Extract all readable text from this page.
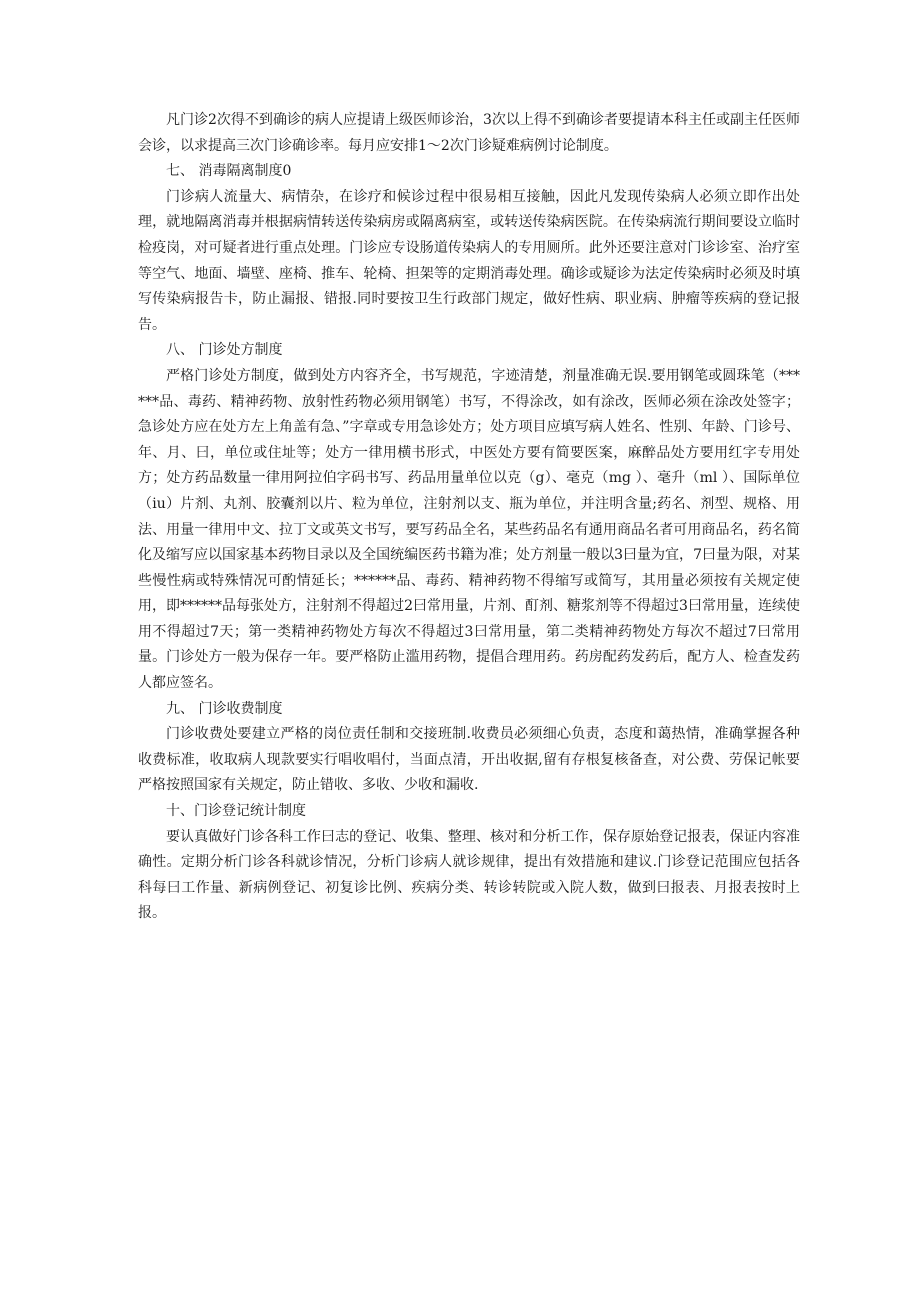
凡门诊2次得不到确诊的病人应提请上级医师诊治，3次以上得不到确诊者要提请本科主任或副主任医师会诊，以求提高三次门诊确诊率。每月应安排1～2次门诊疑难病例讨论制度。

七、 消毒隔离制度0

门诊病人流量大、病情杂，在诊疗和候诊过程中很易相互接触，因此凡发现传染病人必须立即作出处理，就地隔离消毒并根据病情转送传染病房或隔离病室，或转送传染病医院。在传染病流行期间要设立临时检疫岗，对可疑者进行重点处理。门诊应专设肠道传染病人的专用厕所。此外还要注意对门诊诊室、治疗室等空气、地面、墙壁、座椅、推车、轮椅、担架等的定期消毒处理。确诊或疑诊为法定传染病时必须及时填写传染病报告卡，防止漏报、错报.同时要按卫生行政部门规定，做好性病、职业病、肿瘤等疾病的登记报告。

八、 门诊处方制度

严格门诊处方制度，做到处方内容齐全，书写规范，字迹清楚，剂量准确无误.要用钢笔或圆珠笔（******品、毒药、精神药物、放射性药物必须用钢笔）书写，不得涂改，如有涂改，医师必须在涂改处签字；急诊处方应在处方左上角盖有急、”字章或专用急诊处方；处方项目应填写病人姓名、性别、年龄、门诊号、年、月、曰，单位或住址等；处方一律用横书形式，中医处方要有简要医案，麻醉品处方要用红字专用处方；处方药品数量一律用阿拉伯字码书写、药品用量单位以克（g）、毫克（mg ）、毫升（ml ）、国际单位（iu）片剂、丸剂、胶囊剂以片、粒为单位，注射剂以支、瓶为单位，并注明含量;药名、剂型、规格、用法、用量一律用中文、拉丁文或英文书写，要写药品全名，某些药品名有通用商品名者可用商品名，药名简化及缩写应以国家基本药物目录以及全国统编医药书籍为准；处方剂量一般以3曰量为宜，7曰量为限，对某些慢性病或特殊情况可酌情延长；******品、毒药、精神药物不得缩写或简写，其用量必须按有关规定使用，即******品每张处方，注射剂不得超过2曰常用量，片剂、酊剂、糖浆剂等不得超过3曰常用量，连续使用不得超过7天；第一类精神药物处方每次不得超过3曰常用量，第二类精神药物处方每次不超过7曰常用量。门诊处方一般为保存一年。要严格防止滥用药物，提倡合理用药。药房配药发药后，配方人、检查发药人都应签名。

九、 门诊收费制度

门诊收费处要建立严格的岗位责任制和交接班制.收费员必须细心负责，态度和蔼热情，准确掌握各种收费标准，收取病人现款要实行唱收唱付，当面点清，开出收据,留有存根复核备查，对公费、劳保记帐要严格按照国家有关规定，防止错收、多收、少收和漏收.

十、门诊登记统计制度

要认真做好门诊各科工作曰志的登记、收集、整理、核对和分析工作，保存原始登记报表，保证内容准确性。定期分析门诊各科就诊情况，分析门诊病人就诊规律，提出有效措施和建议.门诊登记范围应包括各科每曰工作量、新病例登记、初复诊比例、疾病分类、转诊转院或入院人数，做到曰报表、月报表按时上报。
